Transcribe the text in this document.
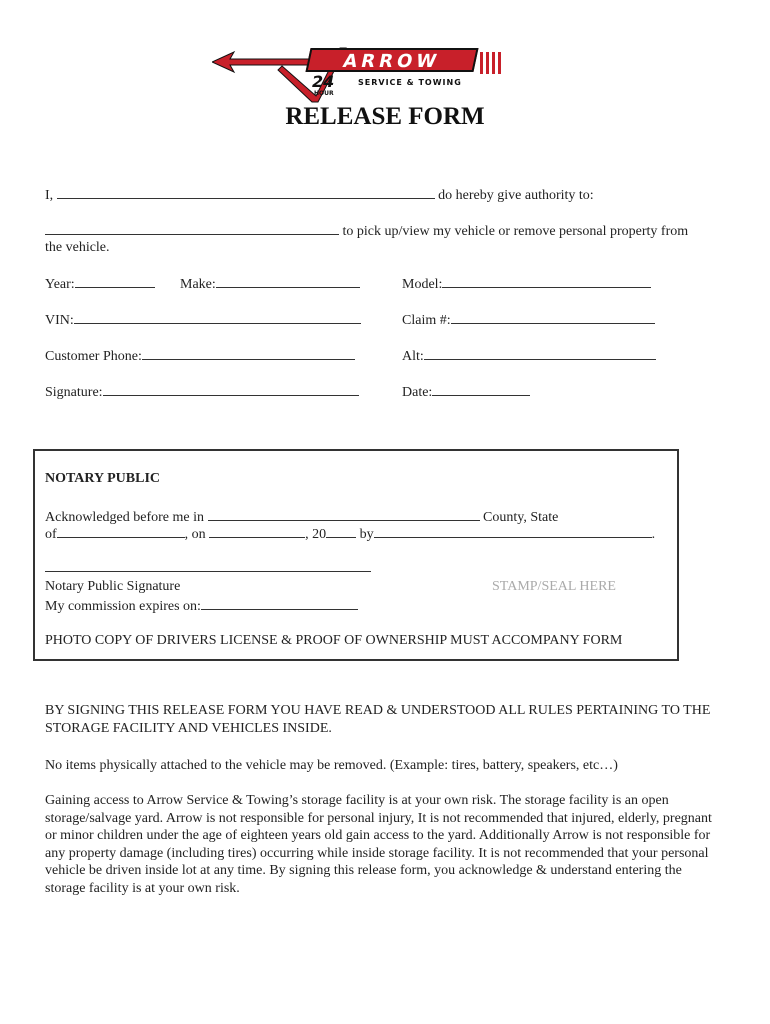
ARROW
24
HOUR
SERVICE & TOWING
RELEASE FORM
I,	do hereby give authority to:
to pick up/view my vehicle or remove personal property from
the vehicle.
Year:	Make:	Model:
VIN:	Claim #:
Customer Phone:	Alt:
Signature:	Date:
NOTARY PUBLIC
Acknowledged before me in	County, State
of	, on	, 20 by	.
Notary Public Signature	STAMP/SEAL HERE
My commission expires on:
PHOTO COPY OF DRIVERS LICENSE & PROOF OF OWNERSHIP MUST ACCOMPANY FORM
BY SIGNING THIS RELEASE FORM YOU HAVE READ & UNDERSTOOD ALL RULES PERTAINING TO THE STORAGE FACILITY AND VEHICLES INSIDE.
No items physically attached to the vehicle may be removed. (Example: tires, battery, speakers, etc…)
Gaining access to Arrow Service & Towing’s storage facility is at your own risk. The storage facility is an open storage/salvage yard. Arrow is not responsible for personal injury, It is not recommended that injured, elderly, pregnant or minor children under the age of eighteen years old gain access to the yard. Additionally Arrow is not responsible for any property damage (including tires) occurring while inside storage facility. It is not recommended that your personal vehicle be driven inside lot at any time. By signing this release form, you acknowledge & understand entering the storage facility is at your own risk.
